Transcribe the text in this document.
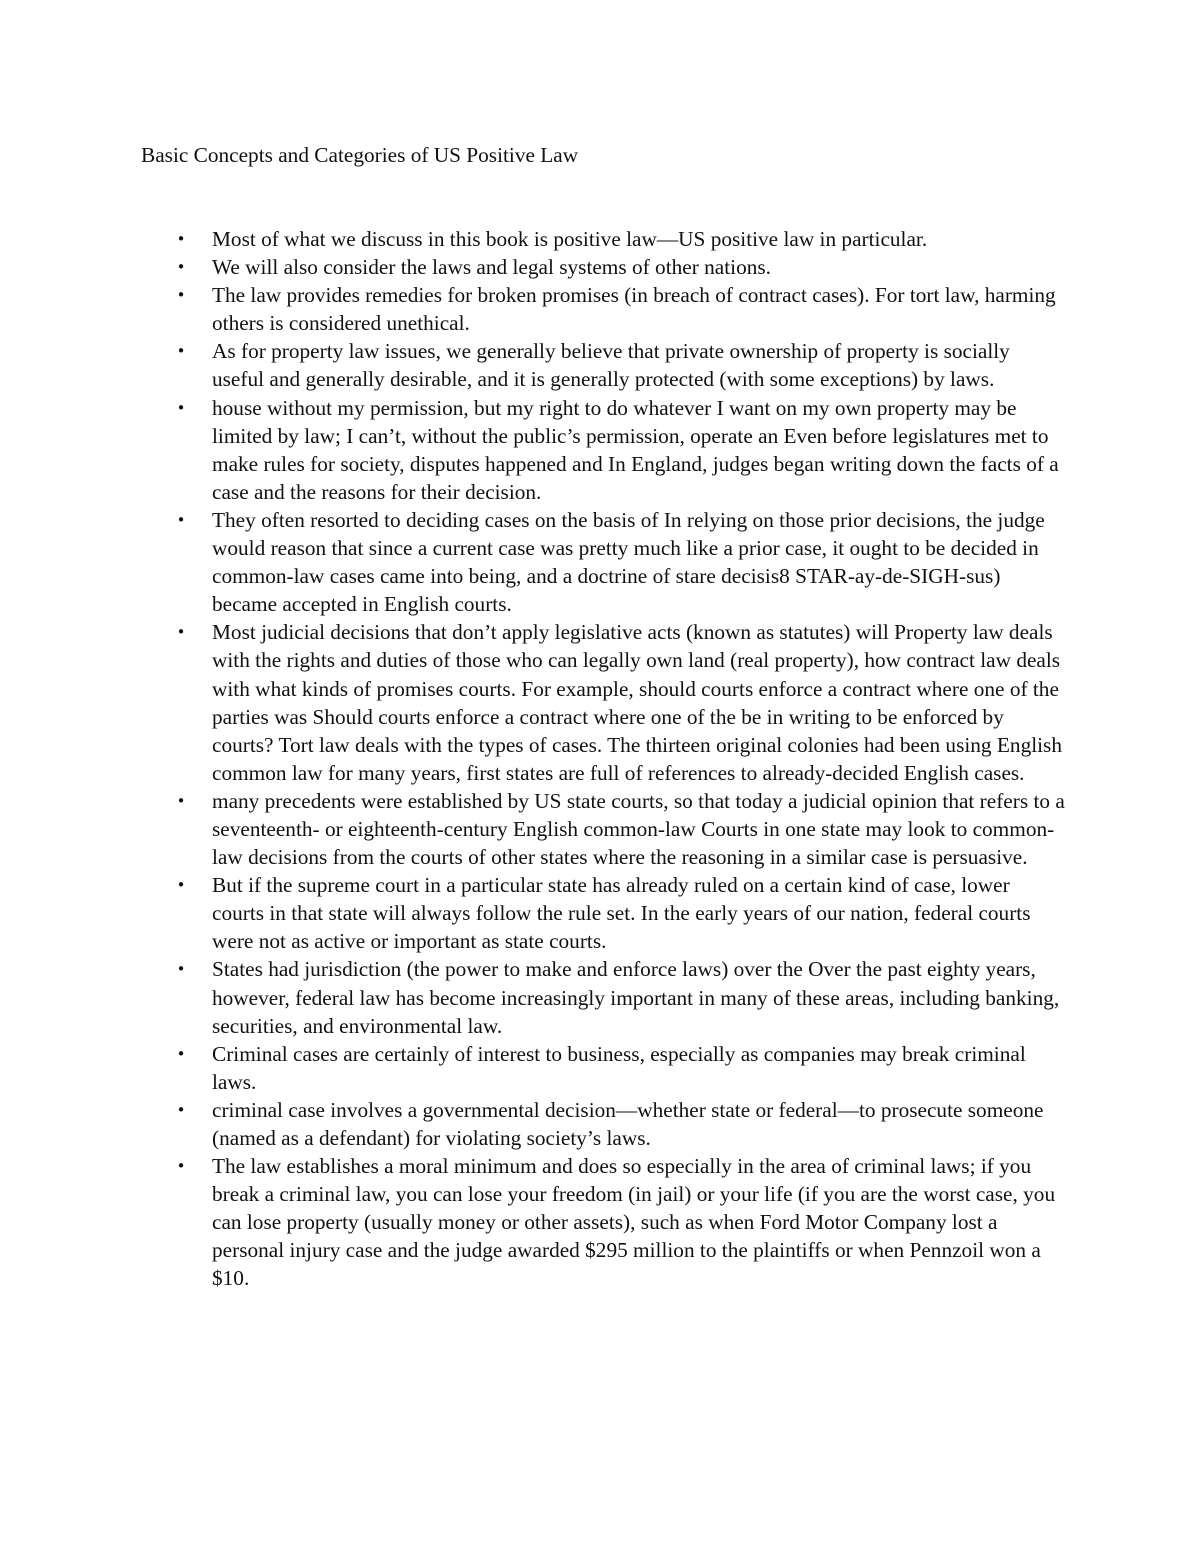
Basic Concepts and Categories of US Positive Law
• Most of what we discuss in this book is positive law—US positive law in particular.
• We will also consider the laws and legal systems of other nations.
• The law provides remedies for broken promises (in breach of contract cases). For tort law, harming others is considered unethical.
• As for property law issues, we generally believe that private ownership of property is socially useful and generally desirable, and it is generally protected (with some exceptions) by laws.
• house without my permission, but my right to do whatever I want on my own property may be limited by law; I can’t, without the public’s permission, operate an Even before legislatures met to make rules for society, disputes happened and In England, judges began writing down the facts of a case and the reasons for their decision.
• They often resorted to deciding cases on the basis of In relying on those prior decisions, the judge would reason that since a current case was pretty much like a prior case, it ought to be decided in common-law cases came into being, and a doctrine of stare decisis8 STAR-ay-de-SIGH-sus) became accepted in English courts.
• Most judicial decisions that don’t apply legislative acts (known as statutes) will Property law deals with the rights and duties of those who can legally own land (real property), how contract law deals with what kinds of promises courts. For example, should courts enforce a contract where one of the parties was Should courts enforce a contract where one of the be in writing to be enforced by courts? Tort law deals with the types of cases. The thirteen original colonies had been using English common law for many years, first states are full of references to already-decided English cases.
• many precedents were established by US state courts, so that today a judicial opinion that refers to a seventeenth- or eighteenth-century English common-law Courts in one state may look to common-law decisions from the courts of other states where the reasoning in a similar case is persuasive.
• But if the supreme court in a particular state has already ruled on a certain kind of case, lower courts in that state will always follow the rule set. In the early years of our nation, federal courts were not as active or important as state courts.
• States had jurisdiction (the power to make and enforce laws) over the Over the past eighty years, however, federal law has become increasingly important in many of these areas, including banking, securities, and environmental law.
• Criminal cases are certainly of interest to business, especially as companies may break criminal laws.
• criminal case involves a governmental decision—whether state or federal—to prosecute someone (named as a defendant) for violating society’s laws.
• The law establishes a moral minimum and does so especially in the area of criminal laws; if you break a criminal law, you can lose your freedom (in jail) or your life (if you are the worst case, you can lose property (usually money or other assets), such as when Ford Motor Company lost a personal injury case and the judge awarded $295 million to the plaintiffs or when Pennzoil won a $10.
